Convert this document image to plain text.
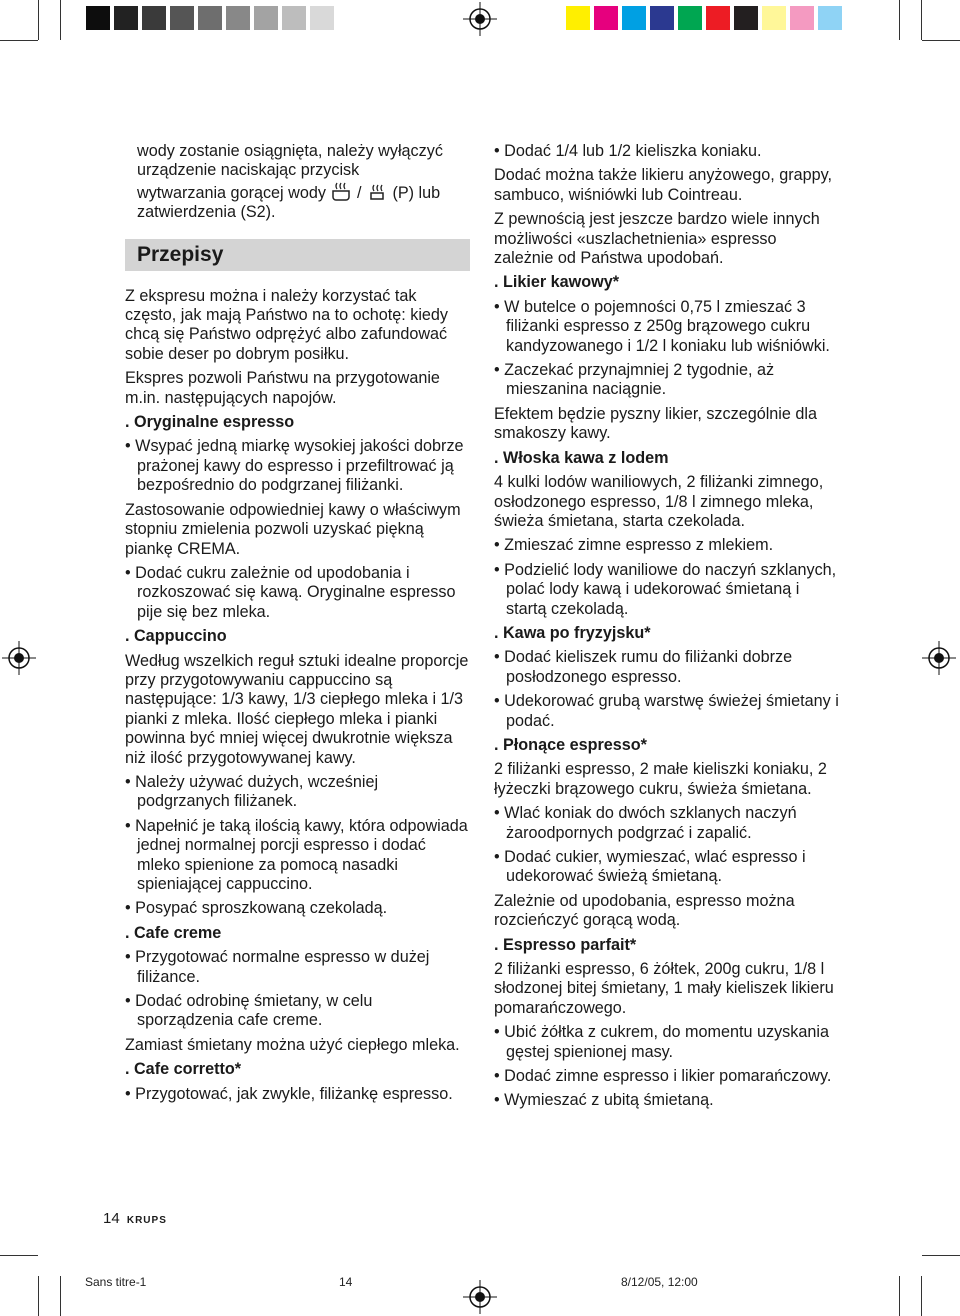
wody zostanie osiągnięta, należy wyłączyć
urządzenie naciskając przycisk
wytwarzania gorącej wody / (P) lub
zatwierdzenia (S2).
Przepisy

Z ekspresu można i należy korzystać tak często, jak mają Państwo na to ochotę: kiedy chcą się Państwo odprężyć albo zafundować sobie deser po dobrym posiłku.

Ekspres pozwoli Państwu na przygotowanie m.in. następujących napojów.

. Oryginalne espresso
• Wsypać jedną miarkę wysokiej jakości dobrze prażonej kawy do espresso i przefiltrować ją bezpośrednio do podgrzanej filiżanki.

Zastosowanie odpowiedniej kawy o właściwym stopniu zmielenia pozwoli uzyskać piękną piankę CREMA.

• Dodać cukru zależnie od upodobania i rozkoszować się kawą. Oryginalne espresso pije się bez mleka.
. Cappuccino

Według wszelkich reguł sztuki idealne proporcje przy przygotowywaniu cappuccino są następujące: 1/3 kawy, 1/3 ciepłego mleka i 1/3 pianki z mleka. Ilość ciepłego mleka i pianki powinna być mniej więcej dwukrotnie większa niż ilość przygotowywanej kawy.

• Należy używać dużych, wcześniej podgrzanych filiżanek.
• Napełnić je taką ilością kawy, która odpowiada jednej normalnej porcji espresso i dodać mleko spienione za pomocą nasadki spieniającej cappuccino.
• Posypać sproszkowaną czekoladą.
. Cafe creme
• Przygotować normalne espresso w dużej filiżance.
• Dodać odrobinę śmietany, w celu sporządzenia cafe creme.

Zamiast śmietany można użyć ciepłego mleka.

. Cafe corretto*
• Przygotować, jak zwykle, filiżankę espresso.
• Dodać 1/4 lub 1/2 kieliszka koniaku.

Dodać można także likieru anyżowego, grappy, sambuco, wiśniówki lub Cointreau.

Z pewnością jest jeszcze bardzo wiele innych możliwości «uszlachetnienia» espresso zależnie od Państwa upodobań.

. Likier kawowy*
• W butelce o pojemności 0,75 l zmieszać 3 filiżanki espresso z 250g brązowego cukru kandyzowanego i 1/2 l koniaku lub wiśniówki.
• Zaczekać przynajmniej 2 tygodnie, aż mieszanina naciągnie.

Efektem będzie pyszny likier, szczególnie dla smakoszy kawy.

. Włoska kawa z lodem

4 kulki lodów waniliowych, 2 filiżanki zimnego, osłodzonego espresso, 1/8 l zimnego mleka, świeża śmietana, starta czekolada.

• Zmieszać zimne espresso z mlekiem.
• Podzielić lody waniliowe do naczyń szklanych, polać lody kawą i udekorować śmietaną i startą czekoladą.
. Kawa po fryzyjsku*
• Dodać kieliszek rumu do filiżanki dobrze posłodzonego espresso.
• Udekorować grubą warstwę świeżej śmietany i podać.
. Płonące espresso*

2 filiżanki espresso, 2 małe kieliszki koniaku, 2 łyżeczki brązowego cukru, świeża śmietana.

• Wlać koniak do dwóch szklanych naczyń żaroodpornych podgrzać i zapalić.
• Dodać cukier, wymieszać, wlać espresso i udekorować świeżą śmietaną.

Zależnie od upodobania, espresso można rozcieńczyć gorącą wodą.

. Espresso parfait*

2 filiżanki espresso, 6 żółtek, 200g cukru, 1/8 l słodzonej bitej śmietany, 1 mały kieliszek likieru pomarańczowego.

• Ubić żółtka z cukrem, do momentu uzyskania gęstej spienionej masy.
• Dodać zimne espresso i likier pomarańczowy.
• Wymieszać z ubitą śmietaną.
14 KRUPS
Sans titre-1	14	8/12/05, 12:00
